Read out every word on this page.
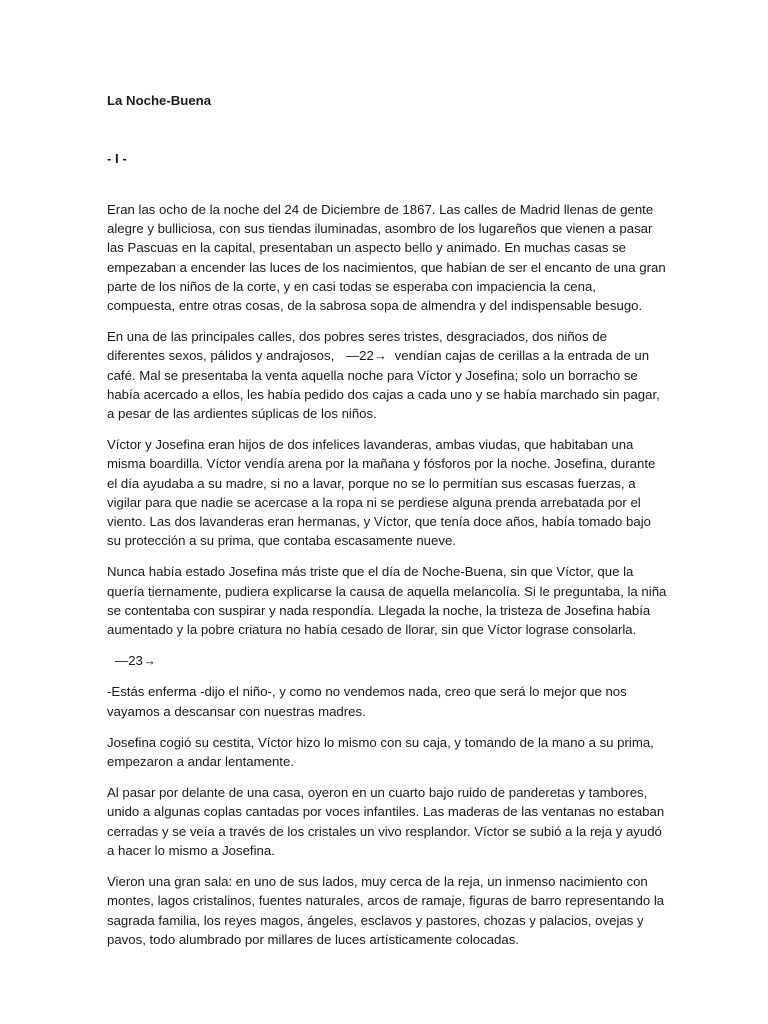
La Noche-Buena

- I -

Eran las ocho de la noche del 24 de Diciembre de 1867. Las calles de Madrid llenas de gente alegre y bulliciosa, con sus tiendas iluminadas, asombro de los lugareños que vienen a pasar las Pascuas en la capital, presentaban un aspecto bello y animado. En muchas casas se empezaban a encender las luces de los nacimientos, que habían de ser el encanto de una gran parte de los niños de la corte, y en casi todas se esperaba con impaciencia la cena, compuesta, entre otras cosas, de la sabrosa sopa de almendra y del indispensable besugo.

En una de las principales calles, dos pobres seres tristes, desgraciados, dos niños de diferentes sexos, pálidos y andrajosos, —22→ vendían cajas de cerillas a la entrada de un café. Mal se presentaba la venta aquella noche para Víctor y Josefina; solo un borracho se había acercado a ellos, les había pedido dos cajas a cada uno y se había marchado sin pagar, a pesar de las ardientes súplicas de los niños.

Víctor y Josefina eran hijos de dos infelices lavanderas, ambas viudas, que habitaban una misma boardilla. Víctor vendía arena por la mañana y fósforos por la noche. Josefina, durante el día ayudaba a su madre, si no a lavar, porque no se lo permitían sus escasas fuerzas, a vigilar para que nadie se acercase a la ropa ni se perdiese alguna prenda arrebatada por el viento. Las dos lavanderas eran hermanas, y Víctor, que tenía doce años, había tomado bajo su protección a su prima, que contaba escasamente nueve.

Nunca había estado Josefina más triste que el día de Noche-Buena, sin que Víctor, que la quería tiernamente, pudiera explicarse la causa de aquella melancolía. Si le preguntaba, la niña se contentaba con suspirar y nada respondía. Llegada la noche, la tristeza de Josefina había aumentado y la pobre criatura no había cesado de llorar, sin que Víctor lograse consolarla.

—23→

-Estás enferma -dijo el niño-, y como no vendemos nada, creo que será lo mejor que nos vayamos a descansar con nuestras madres.

Josefina cogió su cestita, Víctor hizo lo mismo con su caja, y tomando de la mano a su prima, empezaron a andar lentamente.

Al pasar por delante de una casa, oyeron en un cuarto bajo ruido de panderetas y tambores, unido a algunas coplas cantadas por voces infantiles. Las maderas de las ventanas no estaban cerradas y se veía a través de los cristales un vivo resplandor. Víctor se subió a la reja y ayudó a hacer lo mismo a Josefina.

Vieron una gran sala: en uno de sus lados, muy cerca de la reja, un inmenso nacimiento con montes, lagos cristalinos, fuentes naturales, arcos de ramaje, figuras de barro representando la sagrada familia, los reyes magos, ángeles, esclavos y pastores, chozas y palacios, ovejas y pavos, todo alumbrado por millares de luces artísticamente colocadas.
